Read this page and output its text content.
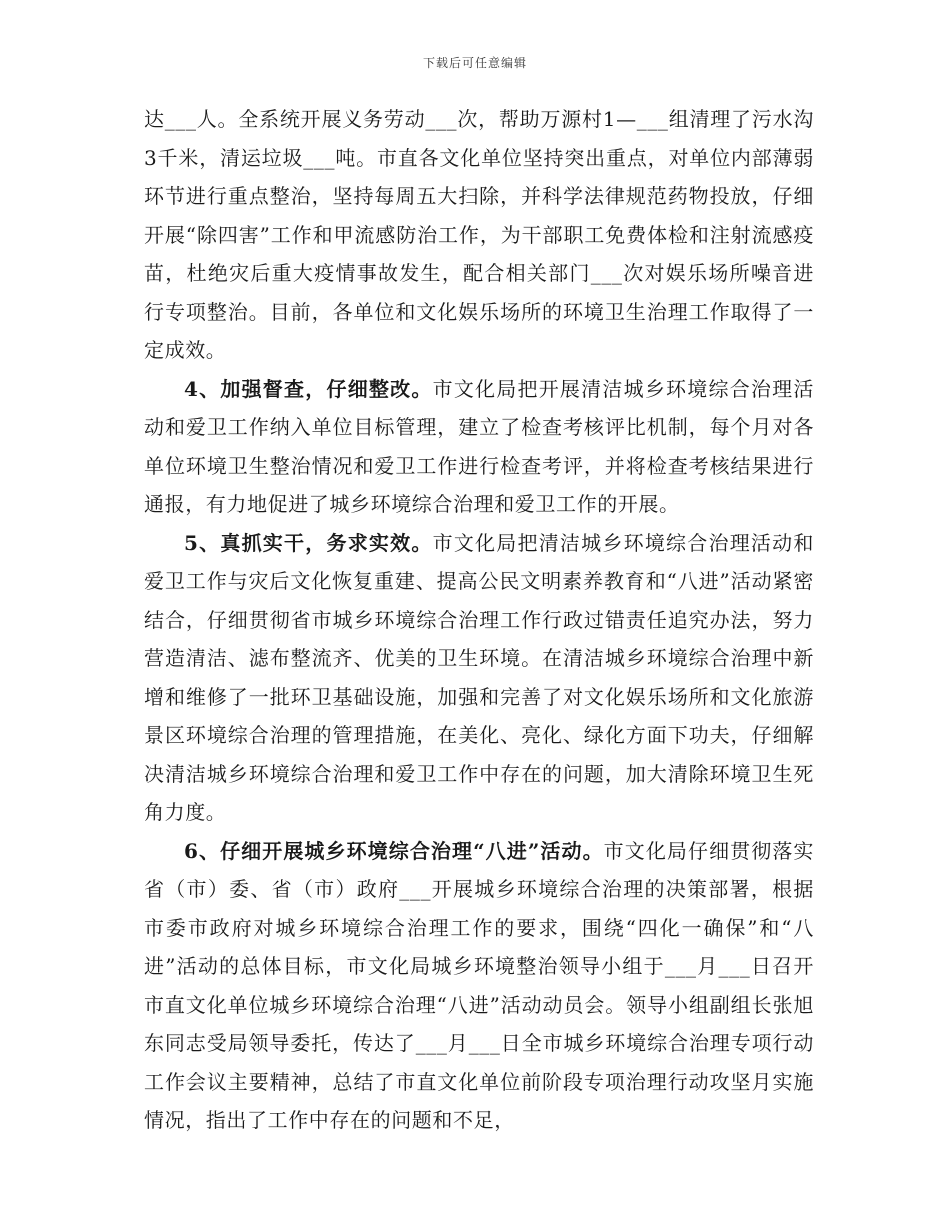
下载后可任意编辑

达___人。全系统开展义务劳动___次，帮助万源村1—___组清理了污水沟3千米，清运垃圾___吨。市直各文化单位坚持突出重点，对单位内部薄弱环节进行重点整治，坚持每周五大扫除，并科学法律规范药物投放，仔细开展“除四害”工作和甲流感防治工作，为干部职工免费体检和注射流感疫苗，杜绝灾后重大疫情事故发生，配合相关部门___次对娱乐场所噪音进行专项整治。目前，各单位和文化娱乐场所的环境卫生治理工作取得了一定成效。

4、加强督查，仔细整改。市文化局把开展清洁城乡环境综合治理活动和爱卫工作纳入单位目标管理，建立了检查考核评比机制，每个月对各单位环境卫生整治情况和爱卫工作进行检查考评，并将检查考核结果进行通报，有力地促进了城乡环境综合治理和爱卫工作的开展。

5、真抓实干，务求实效。市文化局把清洁城乡环境综合治理活动和爱卫工作与灾后文化恢复重建、提高公民文明素养教育和“八进”活动紧密结合，仔细贯彻省市城乡环境综合治理工作行政过错责任追究办法，努力营造清洁、滤布整流齐、优美的卫生环境。在清洁城乡环境综合治理中新增和维修了一批环卫基础设施，加强和完善了对文化娱乐场所和文化旅游景区环境综合治理的管理措施，在美化、亮化、绿化方面下功夫，仔细解决清洁城乡环境综合治理和爱卫工作中存在的问题，加大清除环境卫生死角力度。

6、仔细开展城乡环境综合治理“八进”活动。市文化局仔细贯彻落实省（市）委、省（市）政府___开展城乡环境综合治理的决策部署，根据市委市政府对城乡环境综合治理工作的要求，围绕“四化一确保”和“八进”活动的总体目标，市文化局城乡环境整治领导小组于___月___日召开市直文化单位城乡环境综合治理“八进”活动动员会。领导小组副组长张旭东同志受局领导委托，传达了___月___日全市城乡环境综合治理专项行动工作会议主要精神，总结了市直文化单位前阶段专项治理行动攻坚月实施情况，指出了工作中存在的问题和不足，
